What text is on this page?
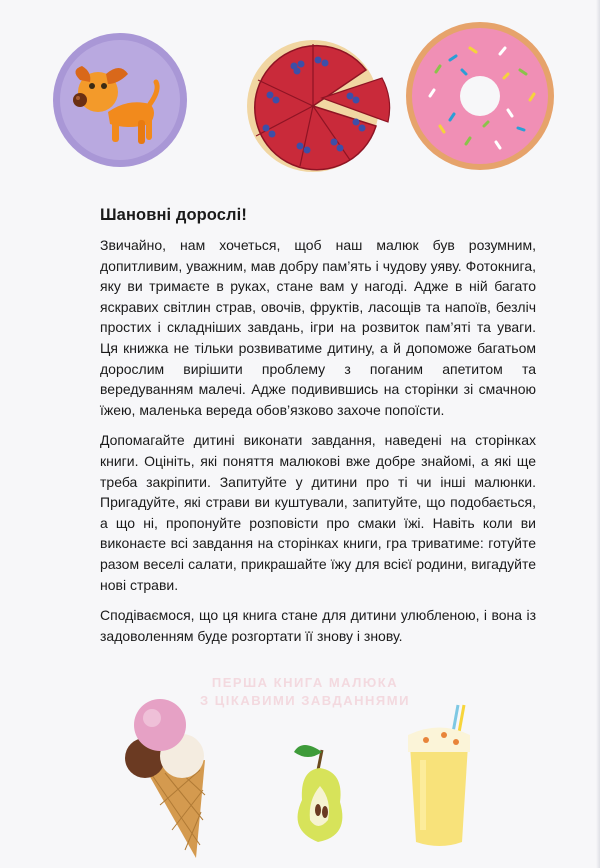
Шановні дорослі!

Звичайно, нам хочеться, щоб наш малюк був розумним, допитливим, уважним, мав добру пам’ять і чудову уяву. Фотокнига, яку ви тримаєте в руках, стане вам у нагоді. Адже в ній багато яскравих світлин страв, овочів, фруктів, ласощів та напоїв, безліч простих і складніших завдань, ігри на розвиток пам’яті та уваги. Ця книжка не тільки розвиватиме дитину, а й допоможе багатьом дорослим вирішити проблему з поганим апетитом та вередуванням малечі. Адже подивившись на сторінки зі смачною їжею, маленька вереда обов’язково захоче попоїсти.

Допомагайте дитині виконати завдання, наведені на сторінках книги. Оцініть, які поняття малюкові вже добре знайомі, а які ще треба закріпити. Запитуйте у дитини про ті чи інші малюнки. Пригадуйте, які страви ви куштували, запитуйте, що подобається, а що ні, пропонуйте розповісти про смаки їжі. Навіть коли ви виконаєте всі завдання на сторінках книги, гра триватиме: готуйте разом веселі салати, прикрашайте їжу для всієї родини, вигадуйте нові страви.

Сподіваємося, що ця книга стане для дитини улюбленою, і вона із задоволенням буде розгортати її знову і знову.

ПЕРША КНИГА МАЛЮКА
З ЦІКАВИМИ ЗАВДАННЯМИ
